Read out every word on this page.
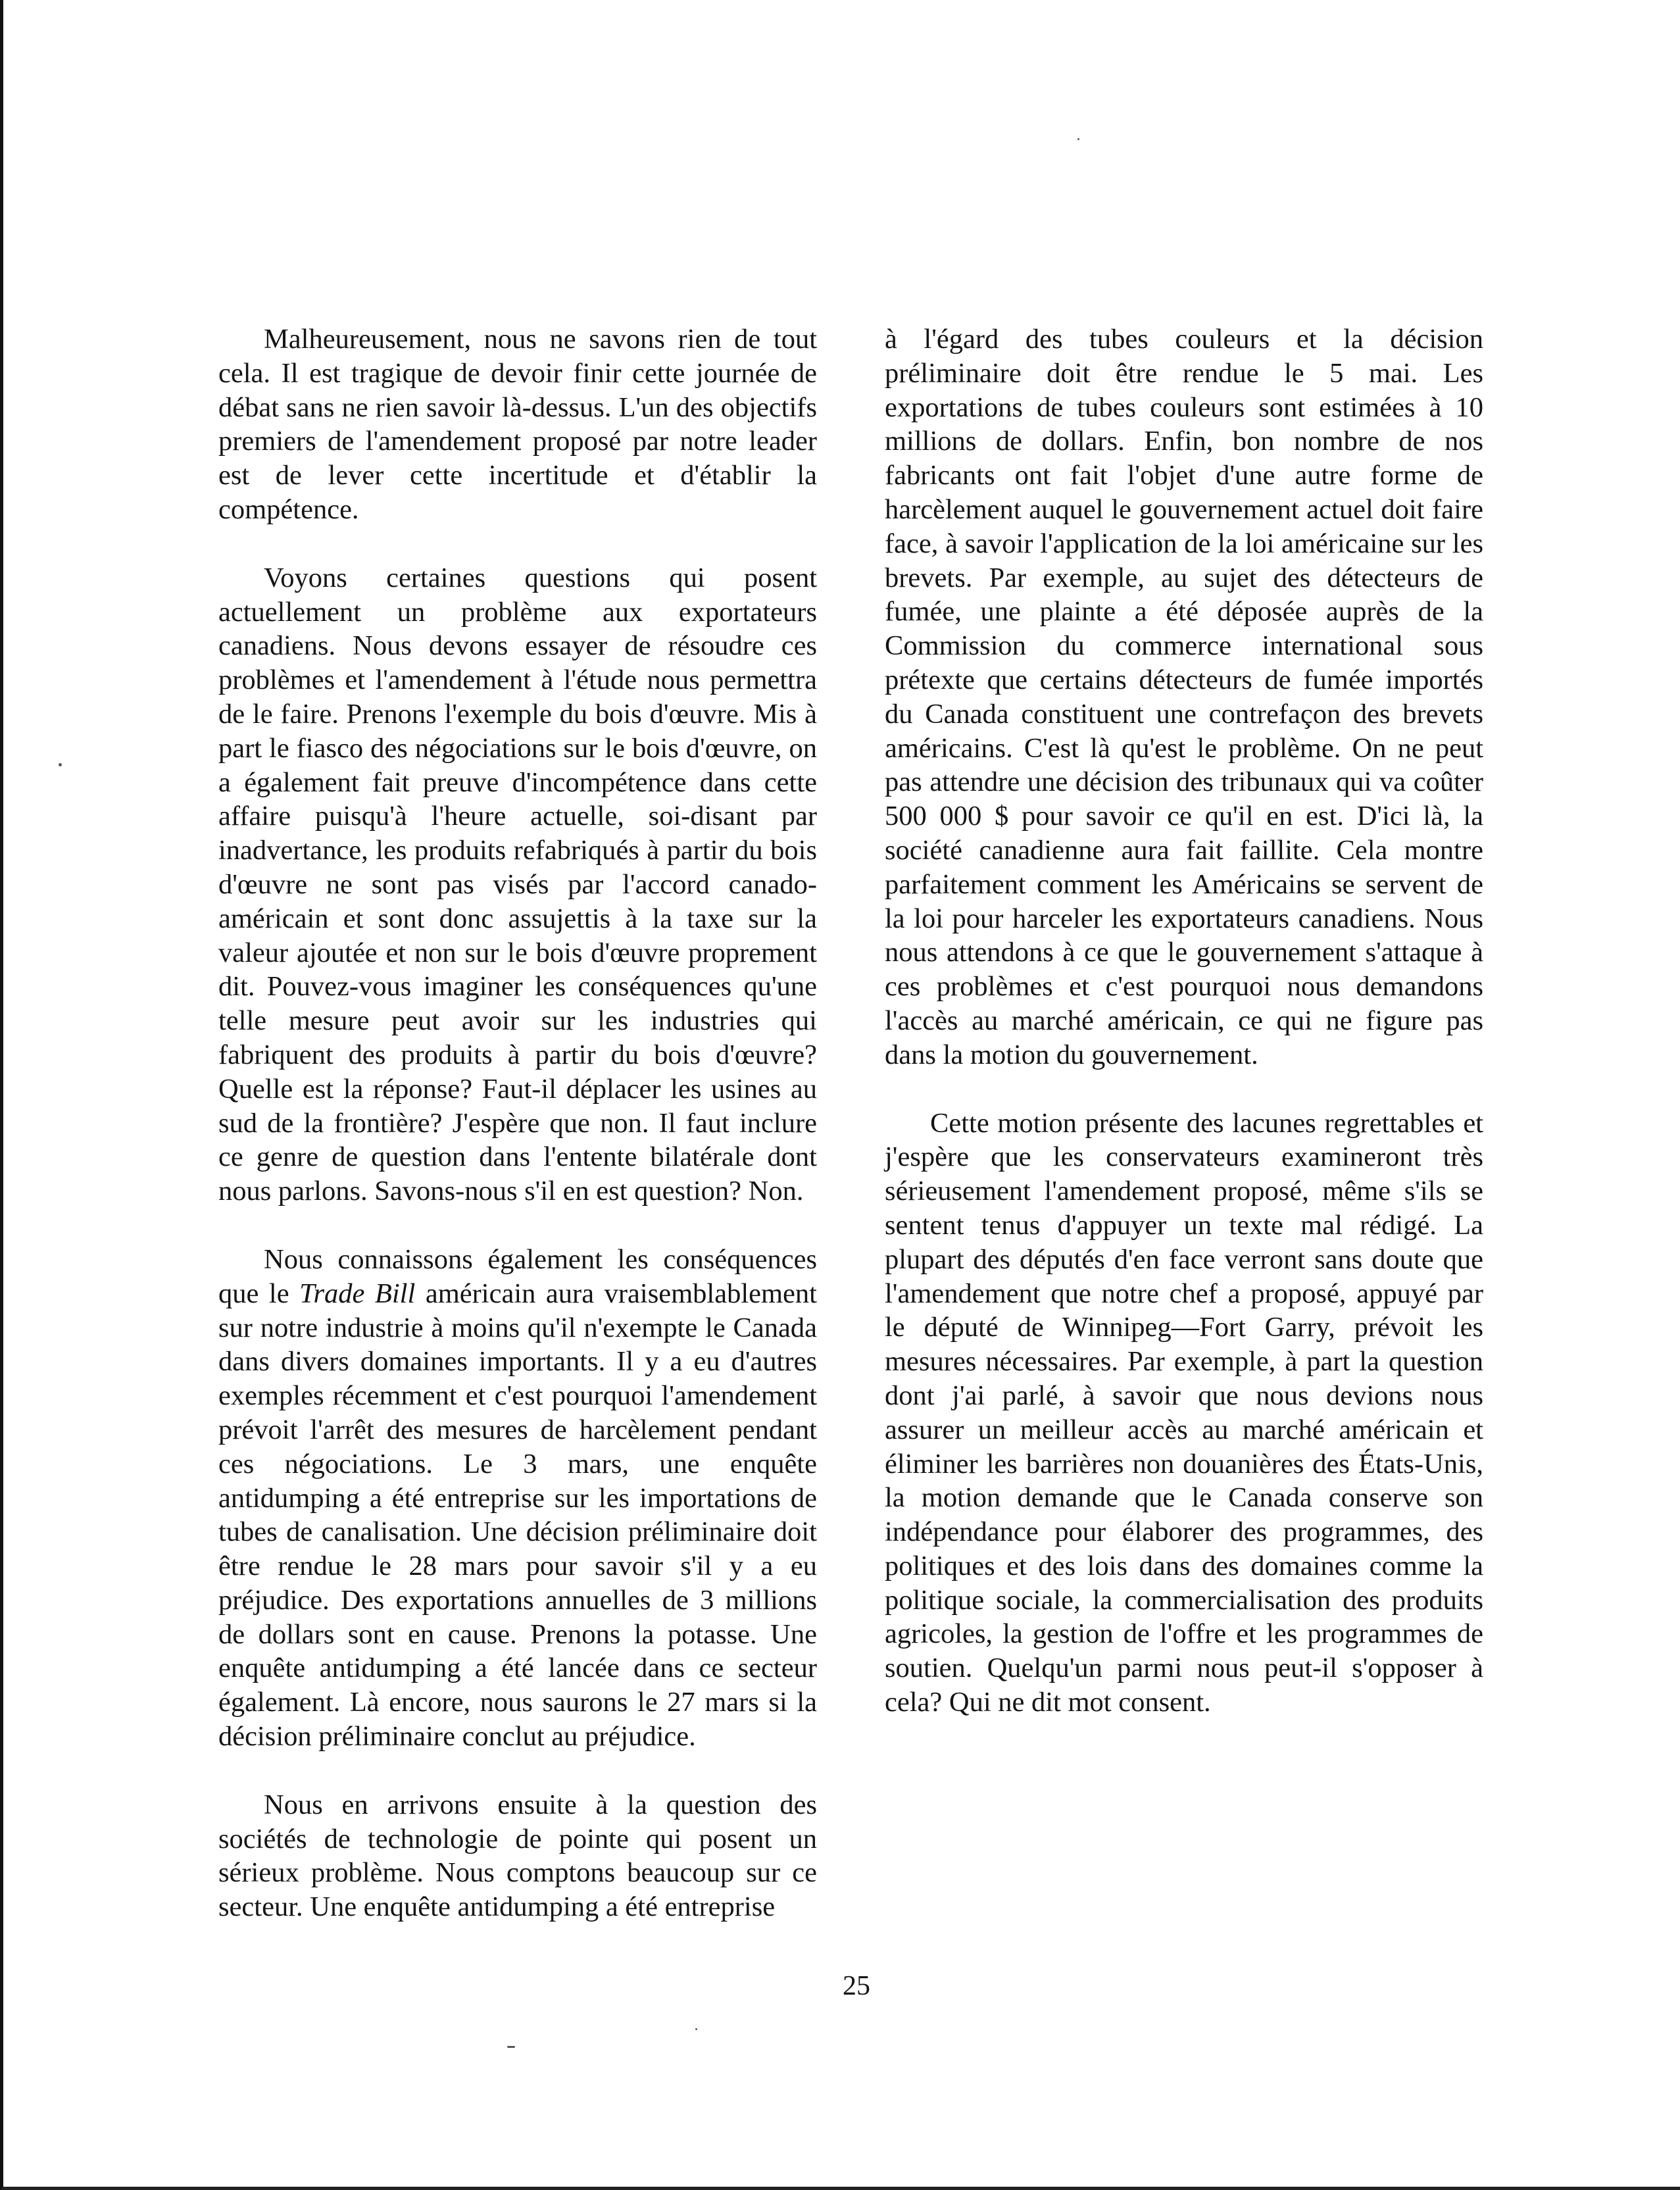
Malheureusement, nous ne savons rien de tout cela. Il est tragique de devoir finir cette journée de débat sans ne rien savoir là-dessus. L'un des objectifs premiers de l'amendement proposé par notre leader est de lever cette incertitude et d'établir la compétence.

Voyons certaines questions qui posent actuellement un problème aux exportateurs canadiens. Nous devons essayer de résoudre ces problèmes et l'amendement à l'étude nous permettra de le faire. Prenons l'exemple du bois d'œuvre. Mis à part le fiasco des négociations sur le bois d'œuvre, on a également fait preuve d'incompétence dans cette affaire puisqu'à l'heure actuelle, soi-disant par inadvertance, les produits refabriqués à partir du bois d'œuvre ne sont pas visés par l'accord canado-américain et sont donc assujettis à la taxe sur la valeur ajoutée et non sur le bois d'œuvre proprement dit. Pouvez-vous imaginer les conséquences qu'une telle mesure peut avoir sur les industries qui fabriquent des produits à partir du bois d'œuvre? Quelle est la réponse? Faut-il déplacer les usines au sud de la frontière? J'espère que non. Il faut inclure ce genre de question dans l'entente bilatérale dont nous parlons. Savons-nous s'il en est question? Non.

Nous connaissons également les conséquences que le Trade Bill américain aura vraisemblablement sur notre industrie à moins qu'il n'exempte le Canada dans divers domaines importants. Il y a eu d'autres exemples récemment et c'est pourquoi l'amendement prévoit l'arrêt des mesures de harcèlement pendant ces négociations. Le 3 mars, une enquête antidumping a été entreprise sur les importations de tubes de canalisation. Une décision préliminaire doit être rendue le 28 mars pour savoir s'il y a eu préjudice. Des exportations annuelles de 3 millions de dollars sont en cause. Prenons la potasse. Une enquête antidumping a été lancée dans ce secteur également. Là encore, nous saurons le 27 mars si la décision préliminaire conclut au préjudice.

Nous en arrivons ensuite à la question des sociétés de technologie de pointe qui posent un sérieux problème. Nous comptons beaucoup sur ce secteur. Une enquête antidumping a été entreprise

à l'égard des tubes couleurs et la décision préliminaire doit être rendue le 5 mai. Les exportations de tubes couleurs sont estimées à 10 millions de dollars. Enfin, bon nombre de nos fabricants ont fait l'objet d'une autre forme de harcèlement auquel le gouvernement actuel doit faire face, à savoir l'application de la loi américaine sur les brevets. Par exemple, au sujet des détecteurs de fumée, une plainte a été déposée auprès de la Commission du commerce international sous prétexte que certains détecteurs de fumée importés du Canada constituent une contrefaçon des brevets américains. C'est là qu'est le problème. On ne peut pas attendre une décision des tribunaux qui va coûter 500 000 $ pour savoir ce qu'il en est. D'ici là, la société canadienne aura fait faillite. Cela montre parfaitement comment les Américains se servent de la loi pour harceler les exportateurs canadiens. Nous nous attendons à ce que le gouvernement s'attaque à ces problèmes et c'est pourquoi nous demandons l'accès au marché américain, ce qui ne figure pas dans la motion du gouvernement.

Cette motion présente des lacunes regrettables et j'espère que les conservateurs examineront très sérieusement l'amendement proposé, même s'ils se sentent tenus d'appuyer un texte mal rédigé. La plupart des députés d'en face verront sans doute que l'amendement que notre chef a proposé, appuyé par le député de Winnipeg—Fort Garry, prévoit les mesures nécessaires. Par exemple, à part la question dont j'ai parlé, à savoir que nous devions nous assurer un meilleur accès au marché américain et éliminer les barrières non douanières des États-Unis, la motion demande que le Canada conserve son indépendance pour élaborer des programmes, des politiques et des lois dans des domaines comme la politique sociale, la commercialisation des produits agricoles, la gestion de l'offre et les programmes de soutien. Quelqu'un parmi nous peut-il s'opposer à cela? Qui ne dit mot consent.

25
